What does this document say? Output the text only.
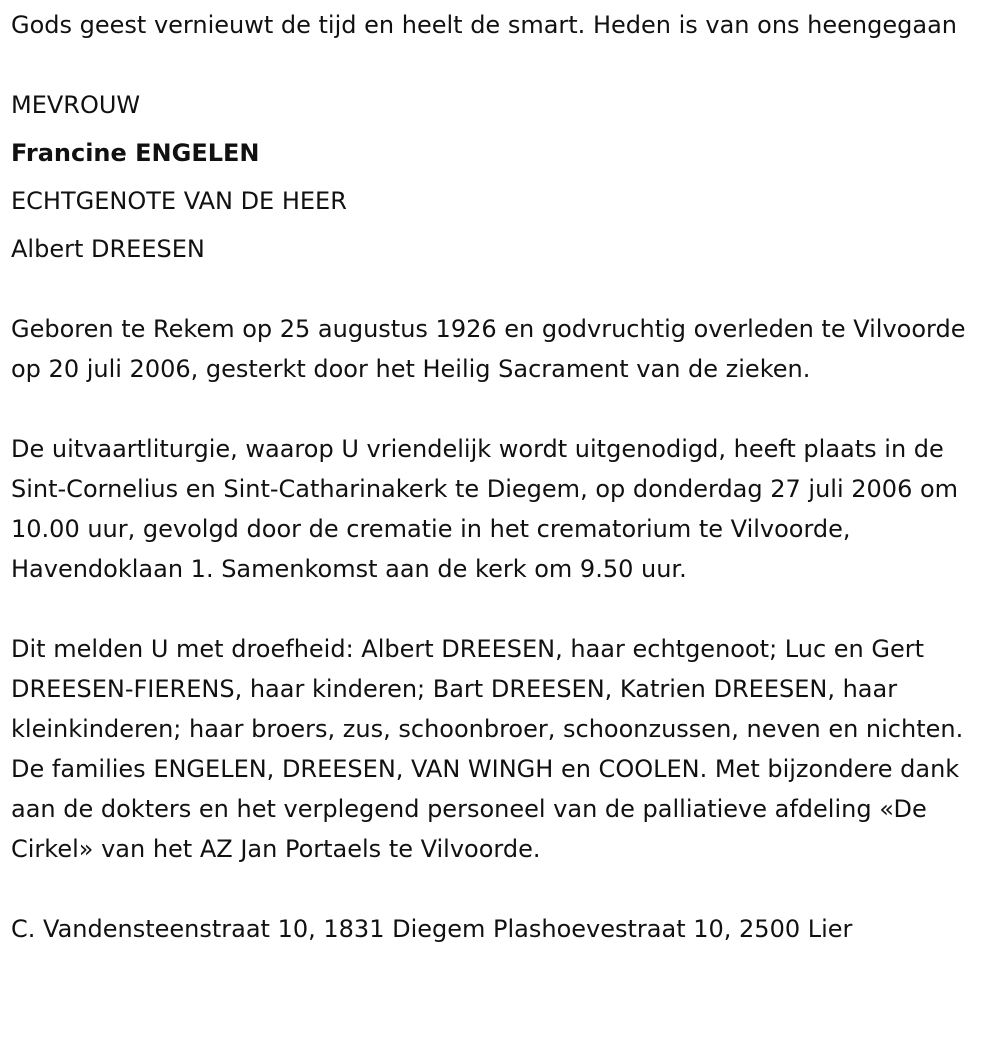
Gods geest vernieuwt de tijd en heelt de smart. Heden is van ons heengegaan

MEVROUW

Francine ENGELEN

ECHTGENOTE VAN DE HEER

Albert DREESEN

Geboren te Rekem op 25 augustus 1926 en godvruchtig overleden te Vilvoorde op 20 juli 2006, gesterkt door het Heilig Sacrament van de zieken.

De uitvaartliturgie, waarop U vriendelijk wordt uitgenodigd, heeft plaats in de Sint-Cornelius en Sint-Catharinakerk te Diegem, op donderdag 27 juli 2006 om 10.00 uur, gevolgd door de crematie in het crematorium te Vilvoorde, Havendoklaan 1. Samenkomst aan de kerk om 9.50 uur.

Dit melden U met droefheid: Albert DREESEN, haar echtgenoot; Luc en Gert DREESEN-FIERENS, haar kinderen; Bart DREESEN, Katrien DREESEN, haar kleinkinderen; haar broers, zus, schoonbroer, schoonzussen, neven en nichten. De families ENGELEN, DREESEN, VAN WINGH en COOLEN. Met bijzondere dank aan de dokters en het verplegend personeel van de palliatieve afdeling «De Cirkel» van het AZ Jan Portaels te Vilvoorde.

C. Vandensteenstraat 10, 1831 Diegem Plashoevestraat 10, 2500 Lier
